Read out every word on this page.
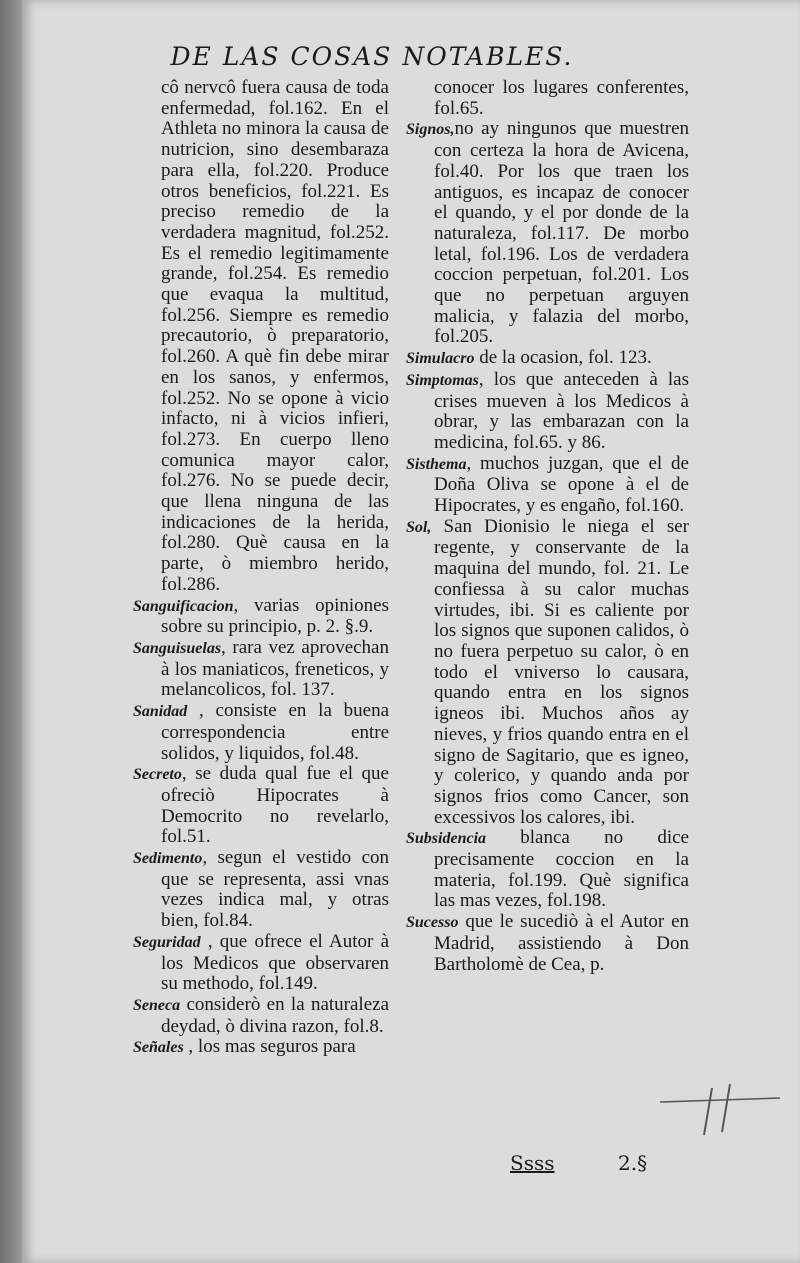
DE LAS COSAS NOTABLES.

cô nervcô fuera causa de toda enfermedad, fol.162. En el Athleta no minora la causa de nutricion, sino desembaraza para ella, fol.220. Produce otros beneficios, fol.221. Es preciso remedio de la verdadera magnitud, fol.252. Es el remedio legitimamente grande, fol.254. Es remedio que evaqua la multitud, fol.256. Siempre es remedio precautorio, ò preparatorio, fol.260. A què fin debe mirar en los sanos, y enfermos, fol.252. No se opone à vicio infacto, ni à vicios infieri, fol.273. En cuerpo lleno comunica mayor calor, fol.276. No se puede decir, que llena ninguna de las indicaciones de la herida, fol.280. Què causa en la parte, ò miembro herido, fol.286.

Sanguificacion, varias opiniones sobre su principio, p. 2. §.9.

Sanguisuelas, rara vez aprovechan à los maniaticos, freneticos, y melancolicos, fol. 137.

Sanidad , consiste en la buena correspondencia entre solidos, y liquidos, fol.48.

Secreto, se duda qual fue el que ofreciò Hipocrates à Democrito no revelarlo, fol.51.

Sedimento, segun el vestido con que se representa, assi vnas vezes indica mal, y otras bien, fol.84.

Seguridad , que ofrece el Autor à los Medicos que observaren su methodo, fol.149.

Seneca considerò en la naturaleza deydad, ò divina razon, fol.8.

Señales , los mas seguros para

conocer los lugares conferentes, fol.65.

Signos,no ay ningunos que muestren con certeza la hora de Avicena, fol.40. Por los que traen los antiguos, es incapaz de conocer el quando, y el por donde de la naturaleza, fol.117. De morbo letal, fol.196. Los de verdadera coccion perpetuan, fol.201. Los que no perpetuan arguyen malicia, y falazia del morbo, fol.205.

Simulacro de la ocasion, fol. 123.

Simptomas, los que anteceden à las crises mueven à los Medicos à obrar, y las embarazan con la medicina, fol.65. y 86.

Sisthema, muchos juzgan, que el de Doña Oliva se opone à el de Hipocrates, y es engaño, fol.160.

Sol, San Dionisio le niega el ser regente, y conservante de la maquina del mundo, fol. 21. Le confiessa à su calor muchas virtudes, ibi. Si es caliente por los signos que suponen calidos, ò no fuera perpetuo su calor, ò en todo el vniverso lo causara, quando entra en los signos igneos ibi. Muchos años ay nieves, y frios quando entra en el signo de Sagitario, que es igneo, y colerico, y quando anda por signos frios como Cancer, son excessivos los calores, ibi.

Subsidencia blanca no dice precisamente coccion en la materia, fol.199. Què significa las mas vezes, fol.198.

Sucesso que le sucediò à el Autor en Madrid, assistiendo à Don Bartholomè de Cea, p.

Ssss	2.§
